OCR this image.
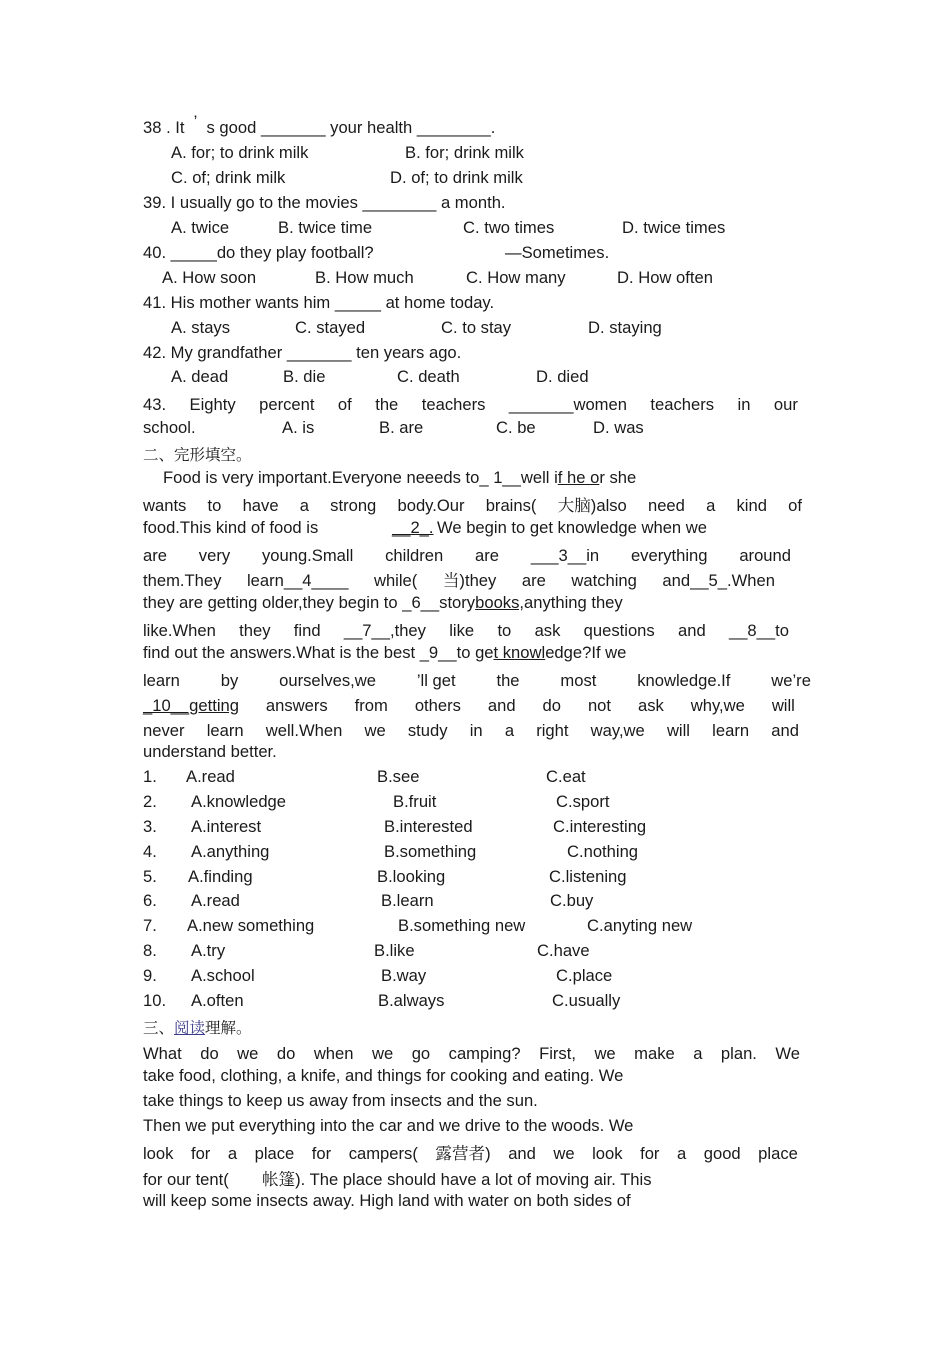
38 . It ’ s good _______ your health ________.
A. for; to drink milk	B. for; drink milk
C. of; drink milk	D. of; to drink milk
39. I usually go to the movies ________ a month.
A. twice	B. twice time	C. two times	D. twice times
40. _____do they play football?	—Sometimes.
A. How soon	B. How much	C. How many	D. How often
41. His mother wants him _____ at home today.
A. stays	C. stayed	C. to stay	D. staying
42. My grandfather _______ ten years ago.
A. dead	B. die	C. death	D. died
43. Eighty percent of the teachers _______women teachers in our
school.	A. is	B. are	C. be	D. was
二、完形填空。
Food is very important.Everyone neeeds to_ 1__well if he or she
wants to have a strong body.Our brains( 大脑)also need a kind of
food.This kind of food is	__2_. We begin to get knowledge when we
are very young.Small children are ___3__in everything around
them.They learn__4____ while( 当)they are watching and__5_.When
they are getting older,they begin to _6__storybooks,anything they
like.When they find __7__,they like to ask questions and __8__to
find out the answers.What is the best _9__to get knowledge?If we
learn by ourselves,we ’ll get the most knowledge.If we’re
_10__getting answers from others and do not ask why,we will
never learn well.When we study in a right way,we will learn and
understand better.
1. A.read	B.see	C.eat
2. A.knowledge	B.fruit	C.sport
3. A.interest	B.interested	C.interesting
4. A.anything	B.something	C.nothing
5. A.finding	B.looking	C.listening
6. A.read	B.learn	C.buy
7. A.new something	B.something new	C.anyting new
8. A.try	B.like	C.have
9. A.school	B.way	C.place
10. A.often	B.always	C.usually
三、阅读理解。
What do we do when we go camping? First, we make a plan. We
take food, clothing, a knife, and things for cooking and eating. We
take things to keep us away from insects and the sun.
Then we put everything into the car and we drive to the woods. We
look for a place for campers( 露营者) and we look for a good place
for our tent(　　帐篷). The place should have a lot of moving air. This
will keep some insects away. High land with water on both sides of
